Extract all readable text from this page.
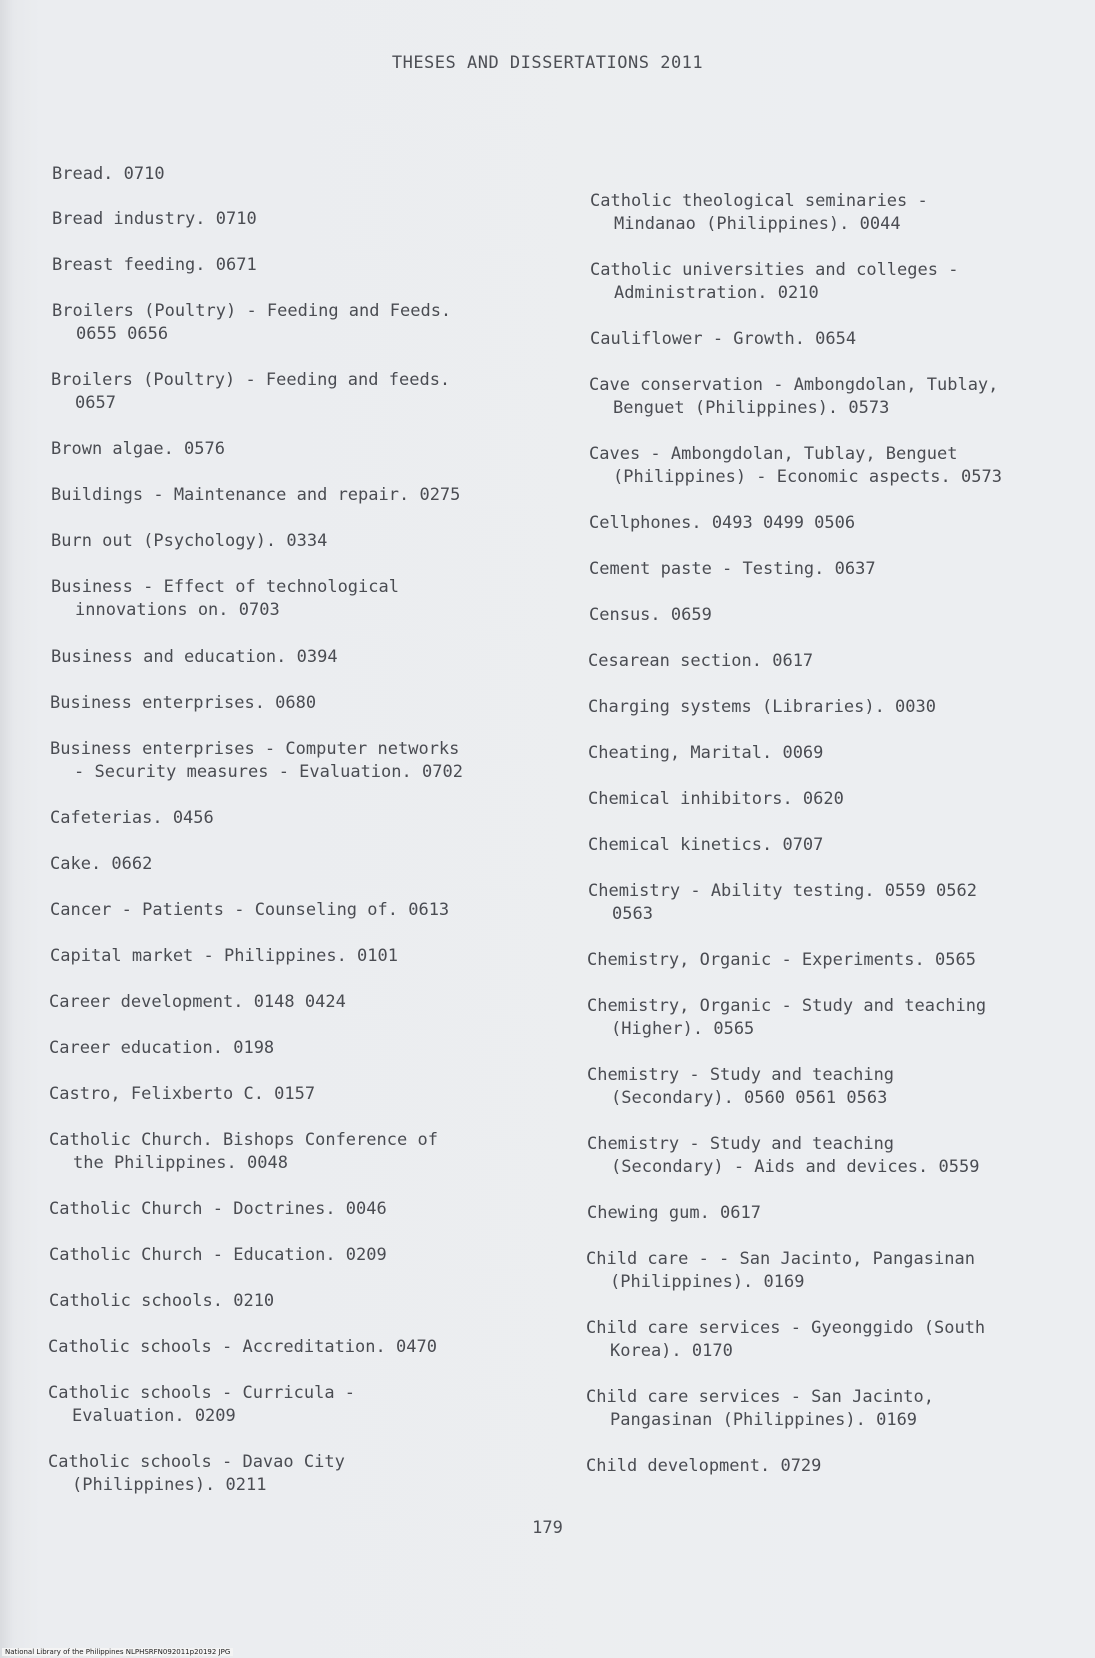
THESES AND DISSERTATIONS 2011
Bread. 0710
Bread industry. 0710
Breast feeding. 0671
Broilers (Poultry) - Feeding and Feeds.
0655 0656
Broilers (Poultry) - Feeding and feeds.
0657
Brown algae. 0576
Buildings - Maintenance and repair. 0275
Burn out (Psychology). 0334
Business - Effect of technological
innovations on. 0703
Business and education. 0394
Business enterprises. 0680
Business enterprises - Computer networks
- Security measures - Evaluation. 0702
Cafeterias. 0456
Cake. 0662
Cancer - Patients - Counseling of. 0613
Capital market - Philippines. 0101
Career development. 0148 0424
Career education. 0198
Castro, Felixberto C. 0157
Catholic Church. Bishops Conference of
the Philippines. 0048
Catholic Church - Doctrines. 0046
Catholic Church - Education. 0209
Catholic schools. 0210
Catholic schools - Accreditation. 0470
Catholic schools - Curricula -
Evaluation. 0209
Catholic schools - Davao City
(Philippines). 0211
Catholic theological seminaries -
Mindanao (Philippines). 0044
Catholic universities and colleges -
Administration. 0210
Cauliflower - Growth. 0654
Cave conservation - Ambongdolan, Tublay,
Benguet (Philippines). 0573
Caves - Ambongdolan, Tublay, Benguet
(Philippines) - Economic aspects. 0573
Cellphones. 0493 0499 0506
Cement paste - Testing. 0637
Census. 0659
Cesarean section. 0617
Charging systems (Libraries). 0030
Cheating, Marital. 0069
Chemical inhibitors. 0620
Chemical kinetics. 0707
Chemistry - Ability testing. 0559 0562
0563
Chemistry, Organic - Experiments. 0565
Chemistry, Organic - Study and teaching
(Higher). 0565
Chemistry - Study and teaching
(Secondary). 0560 0561 0563
Chemistry - Study and teaching
(Secondary) - Aids and devices. 0559
Chewing gum. 0617
Child care - - San Jacinto, Pangasinan
(Philippines). 0169
Child care services - Gyeonggido (South
Korea). 0170
Child care services - San Jacinto,
Pangasinan (Philippines). 0169
Child development. 0729
179
National Library of the Philippines NLPHSRFN092011p20192 JPG
